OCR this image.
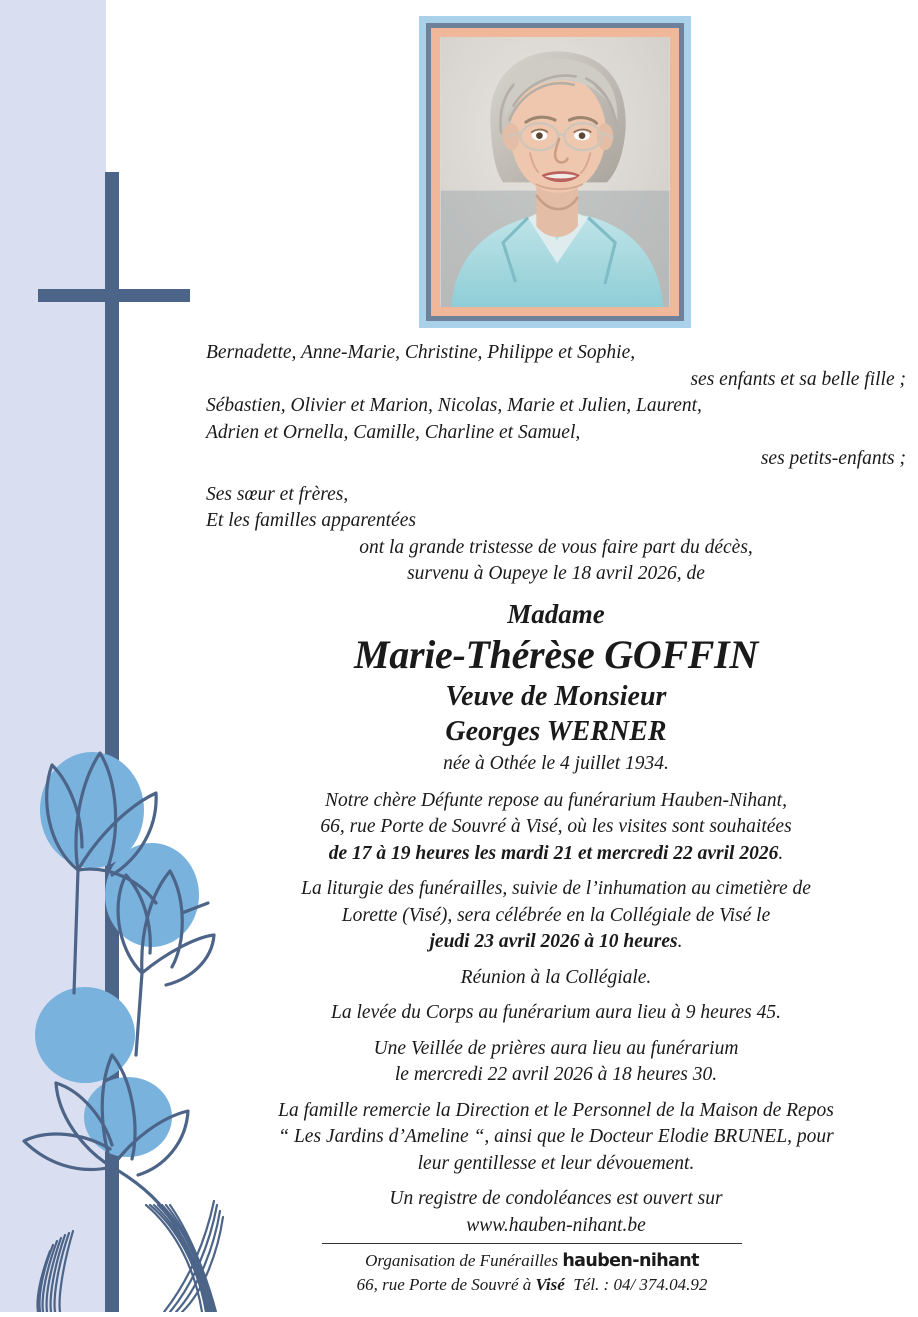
Bernadette, Anne-Marie, Christine, Philippe et Sophie,
ses enfants et sa belle fille ;
Sébastien, Olivier et Marion, Nicolas, Marie et Julien, Laurent,
Adrien et Ornella, Camille, Charline et Samuel,
ses petits-enfants ;
Ses sœur et frères,
Et les familles apparentées
ont la grande tristesse de vous faire part du décès,
survenu à Oupeye le 18 avril 2026, de
Madame
Marie-Thérèse GOFFIN
Veuve de Monsieur
Georges WERNER
née à Othée le 4 juillet 1934.
Notre chère Défunte repose au funérarium Hauben-Nihant,
66, rue Porte de Souvré à Visé, où les visites sont souhaitées
de 17 à 19 heures les mardi 21 et mercredi 22 avril 2026.
La liturgie des funérailles, suivie de l’inhumation au cimetière de
Lorette (Visé), sera célébrée en la Collégiale de Visé le
jeudi 23 avril 2026 à 10 heures.
Réunion à la Collégiale.
La levée du Corps au funérarium aura lieu à 9 heures 45.
Une Veillée de prières aura lieu au funérarium
le mercredi 22 avril 2026 à 18 heures 30.
La famille remercie la Direction et le Personnel de la Maison de Repos
“ Les Jardins d’Ameline “, ainsi que le Docteur Elodie BRUNEL, pour
leur gentillesse et leur dévouement.
Un registre de condoléances est ouvert sur
www.hauben-nihant.be
Organisation de Funérailles hauben-nihant
66, rue Porte de Souvré à Visé Tél. : 04/ 374.04.92
